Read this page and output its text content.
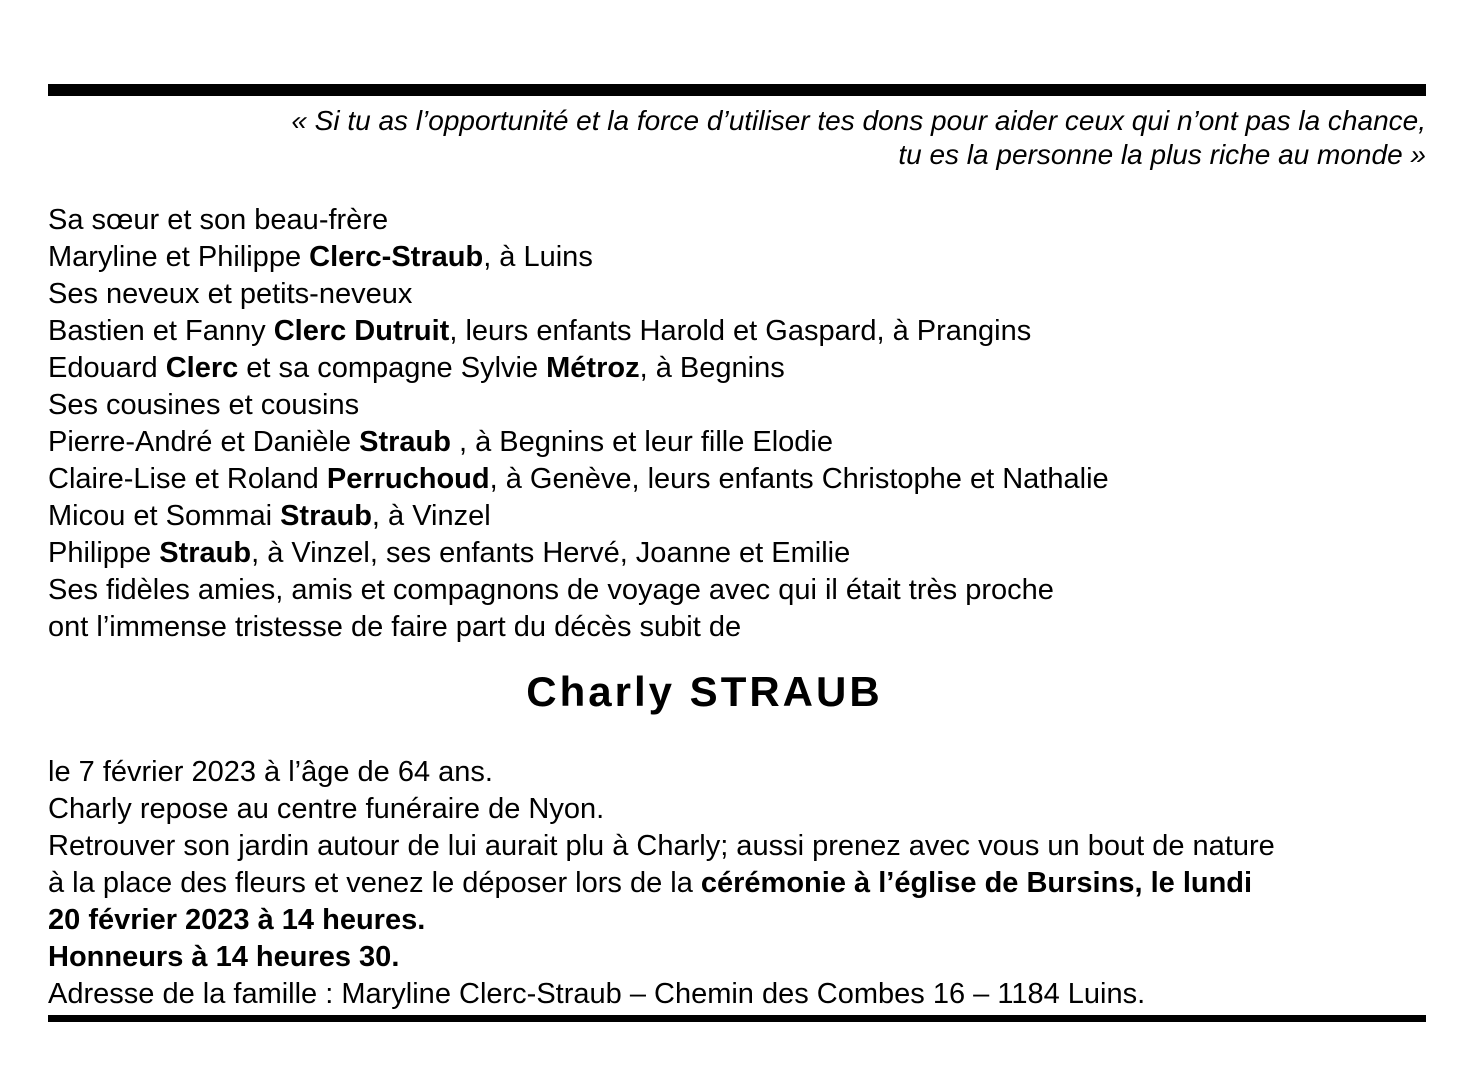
« Si tu as l’opportunité et la force d’utiliser tes dons pour aider ceux qui n’ont pas la chance,
tu es la personne la plus riche au monde »
Sa sœur et son beau-frère
Maryline et Philippe Clerc-Straub, à Luins
Ses neveux et petits-neveux
Bastien et Fanny Clerc Dutruit, leurs enfants Harold et Gaspard, à Prangins
Edouard Clerc et sa compagne Sylvie Métroz, à Begnins
Ses cousines et cousins
Pierre-André et Danièle Straub , à Begnins et leur fille Elodie
Claire-Lise et Roland Perruchoud, à Genève, leurs enfants Christophe et Nathalie
Micou et Sommai Straub, à Vinzel
Philippe Straub, à Vinzel, ses enfants Hervé, Joanne et Emilie
Ses fidèles amies, amis et compagnons de voyage avec qui il était très proche
ont l’immense tristesse de faire part du décès subit de
Charly STRAUB
le 7 février 2023 à l’âge de 64 ans.
Charly repose au centre funéraire de Nyon.
Retrouver son jardin autour de lui aurait plu à Charly; aussi prenez avec vous un bout de nature
à la place des fleurs et venez le déposer lors de la cérémonie à l’église de Bursins, le lundi
20 février 2023 à 14 heures.
Honneurs à 14 heures 30.
Adresse de la famille : Maryline Clerc-Straub – Chemin des Combes 16 – 1184 Luins.
